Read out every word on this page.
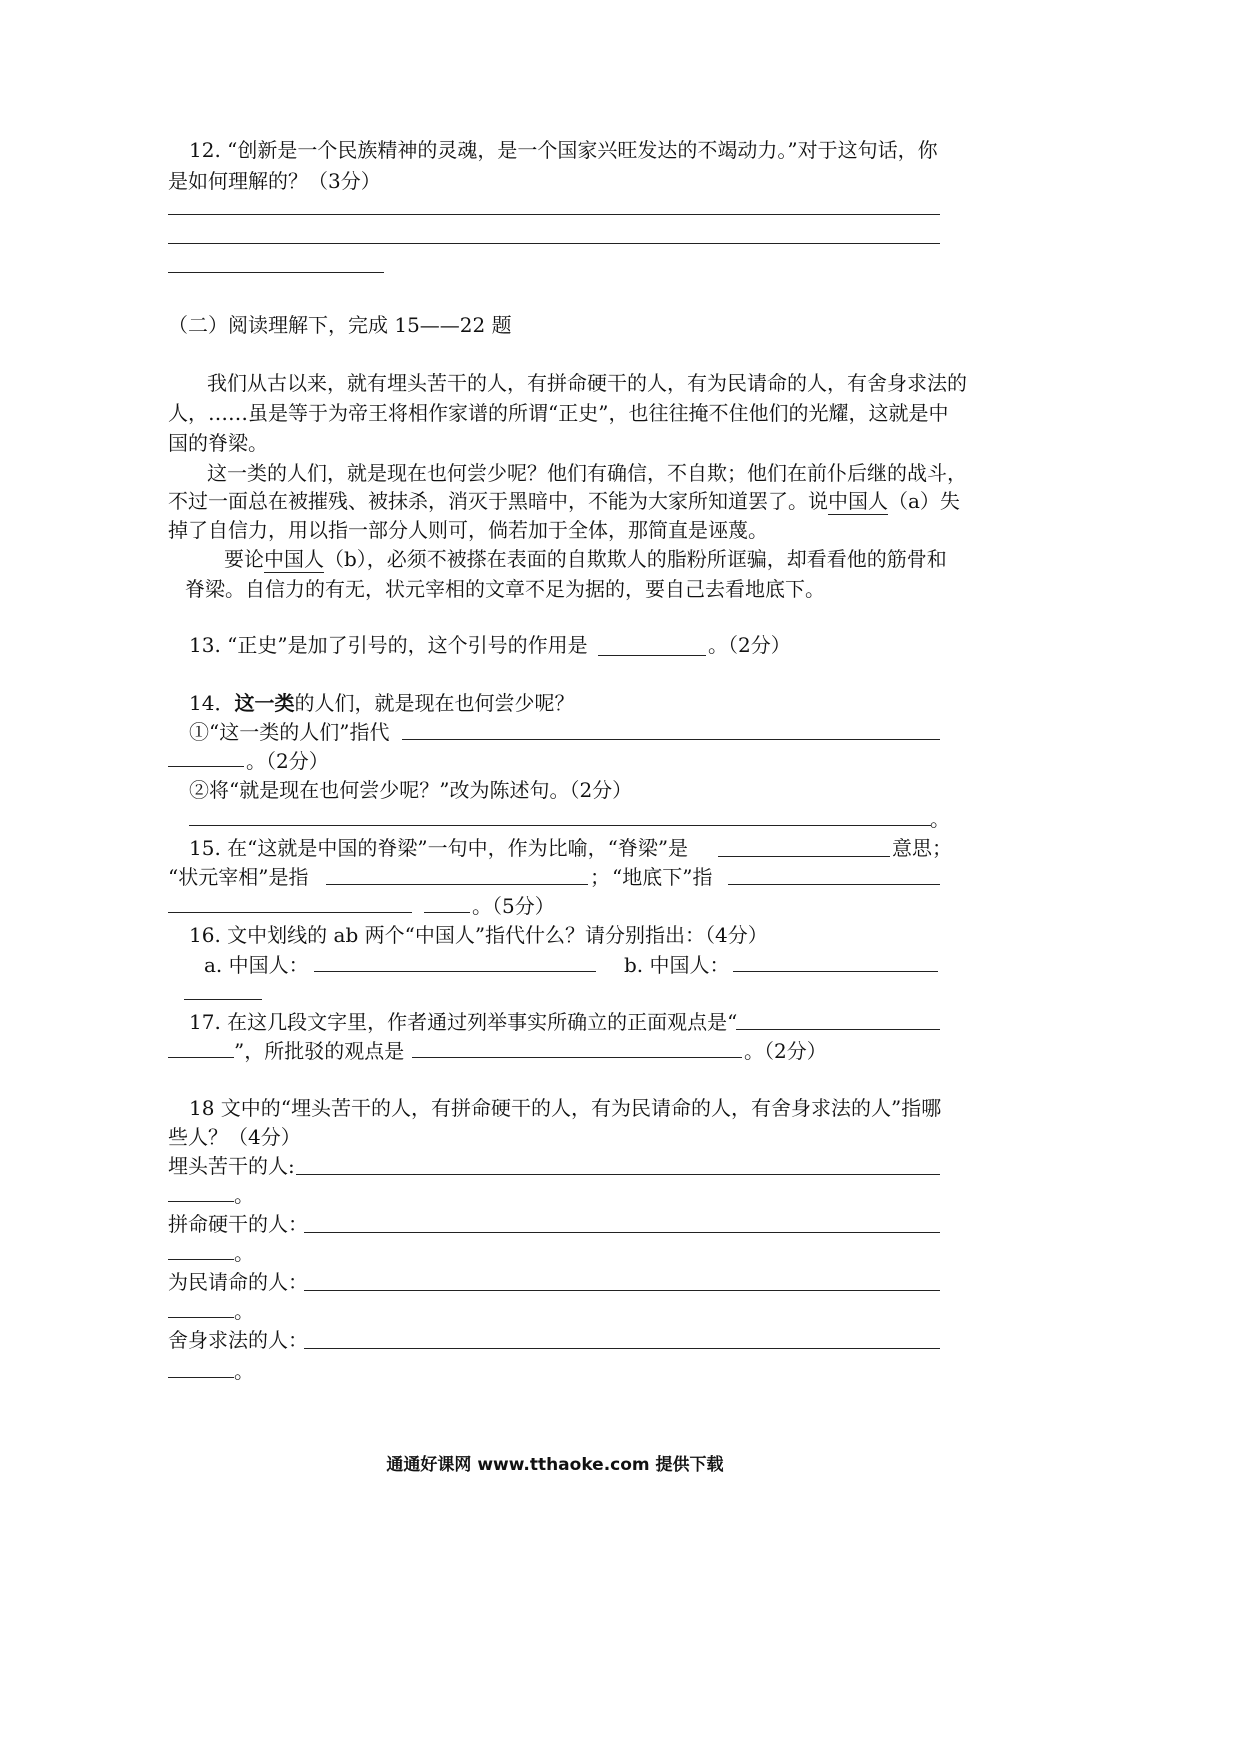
12. “创新是一个民族精神的灵魂，是一个国家兴旺发达的不竭动力。”对于这句话，你
是如何理解的？（3分）
（二）阅读理解下，完成 15——22 题
我们从古以来，就有埋头苦干的人，有拼命硬干的人，有为民请命的人，有舍身求法的
人，……虽是等于为帝王将相作家谱的所谓“正史”，也往往掩不住他们的光耀，这就是中
国的脊梁。
这一类的人们，就是现在也何尝少呢？他们有确信，不自欺；他们在前仆后继的战斗，
不过一面总在被摧残、被抹杀，消灭于黑暗中，不能为大家所知道罢了。说中国人（a）失
掉了自信力，用以指一部分人则可，倘若加于全体，那简直是诬蔑。
要论中国人（b），必须不被搽在表面的自欺欺人的脂粉所诓骗，却看看他的筋骨和
脊梁。自信力的有无，状元宰相的文章不足为据的，要自己去看地底下。
13. “正史”是加了引号的，这个引号的作用是	。（2分）
14．这一类的人们，就是现在也何尝少呢？
①“这一类的人们”指代
。（2分）
②将“就是现在也何尝少呢？”改为陈述句。（2分）
。
15. 在“这就是中国的脊梁”一句中，作为比喻，“脊梁”是	意思；
“状元宰相”是指	； “地底下”指
。（5分）
16. 文中划线的 ab 两个“中国人”指代什么？请分别指出：（4分）
a. 中国人：	b. 中国人：
17. 在这几段文字里，作者通过列举事实所确立的正面观点是“
”，所批驳的观点是	。（2分）
18 文中的“埋头苦干的人，有拼命硬干的人，有为民请命的人，有舍身求法的人”指哪
些人？（4分）
埋头苦干的人:
。
拼命硬干的人：
。
为民请命的人：
。
舍身求法的人：
。
通通好课网 www.tthaoke.com 提供下载
